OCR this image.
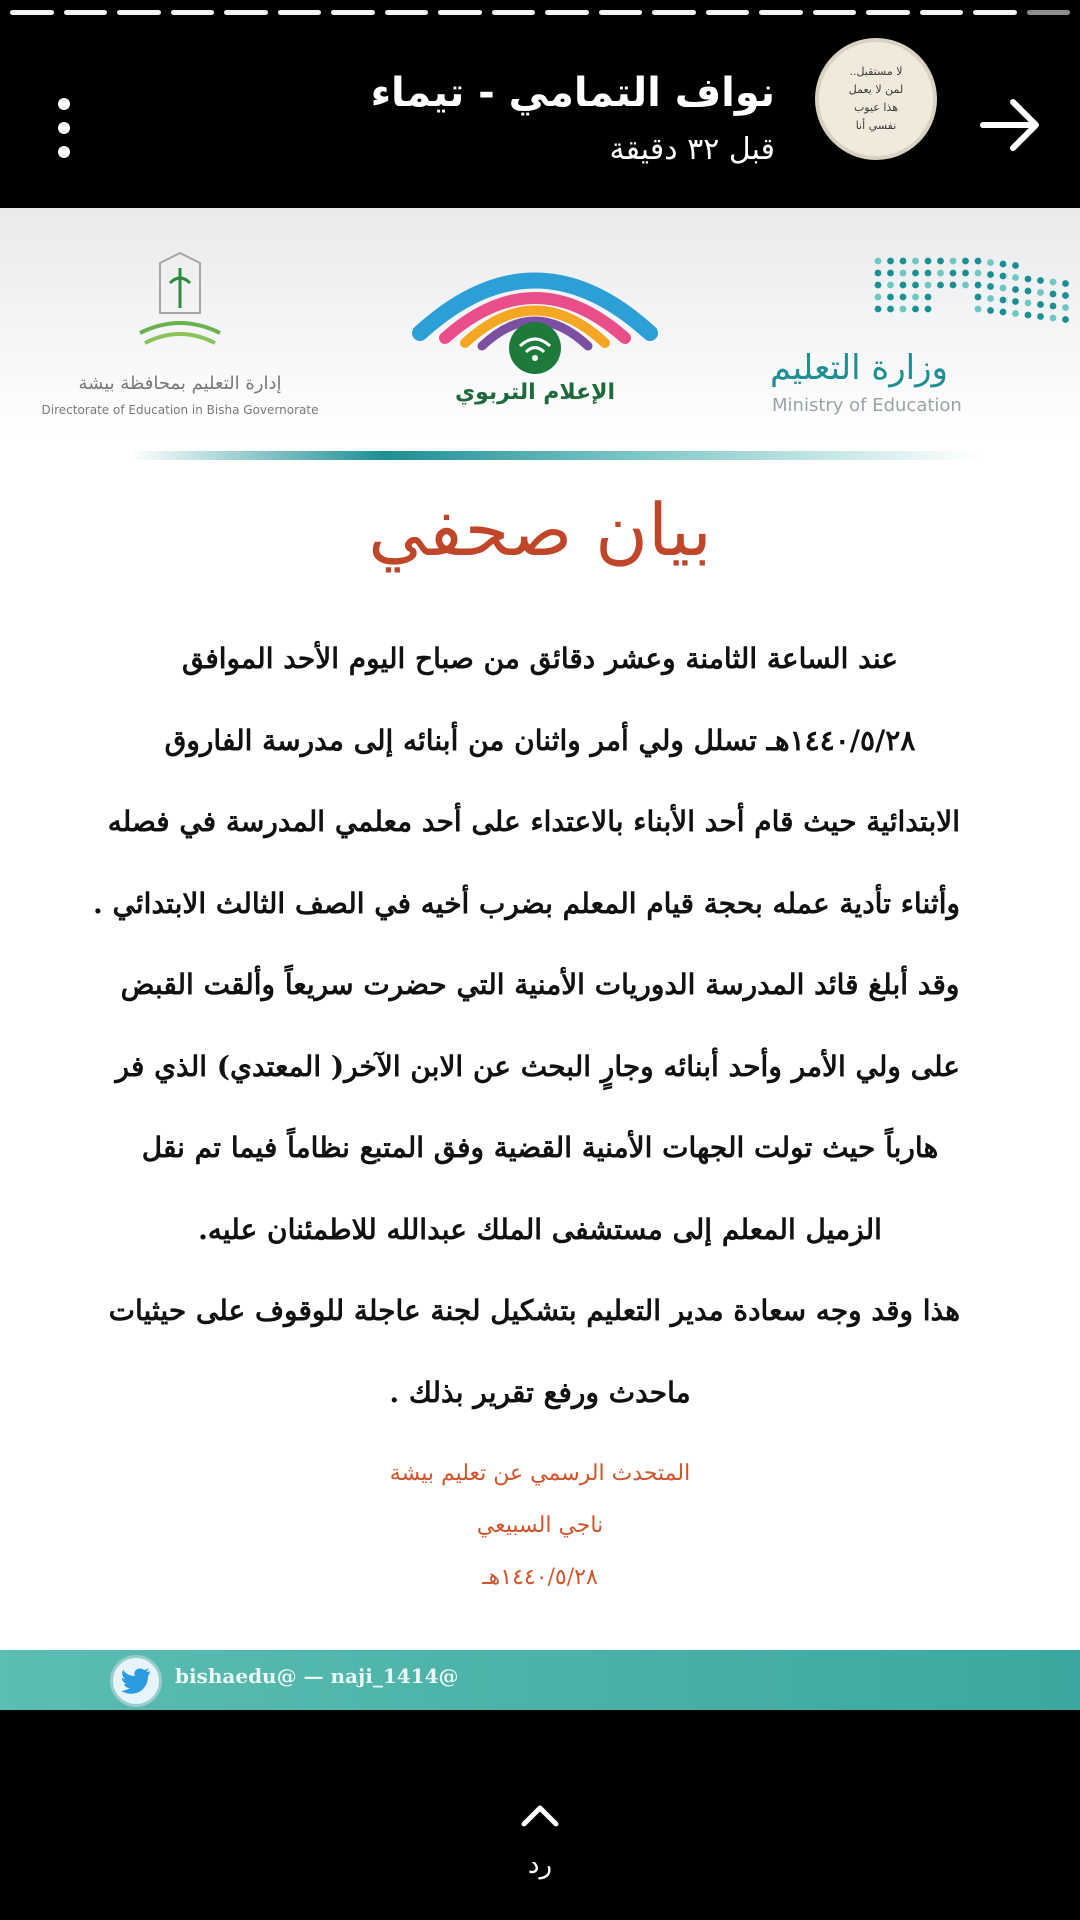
نواف التمامي - تيماء
قبل ٣٢ دقيقة
لا مستقبل..
لمن لا يعمل
هذا عيوب
نفسي أنا
إدارة التعليم بمحافظة بيشة
Directorate of Education in Bisha Governorate
الإعلام التربوي
وزارة التعليم
Ministry of Education
بيان صحفي
عند الساعة الثامنة وعشر دقائق من صباح اليوم الأحد الموافق
١٤٤٠/٥/٢٨هـ تسلل ولي أمر واثنان من أبنائه إلى مدرسة الفاروق
الابتدائية حيث قام أحد الأبناء بالاعتداء على أحد معلمي المدرسة في فصله
وأثناء تأدية عمله بحجة قيام المعلم بضرب أخيه في الصف الثالث الابتدائي .
وقد أبلغ قائد المدرسة الدوريات الأمنية التي حضرت سريعاً وألقت القبض
على ولي الأمر وأحد أبنائه وجارٍ البحث عن الابن الآخر( المعتدي) الذي فر
هارباً حيث تولت الجهات الأمنية القضية وفق المتبع نظاماً فيما تم نقل
الزميل المعلم إلى مستشفى الملك عبدالله للاطمئنان عليه.
هذا وقد وجه سعادة مدير التعليم بتشكيل لجنة عاجلة للوقوف على حيثيات
ماحدث ورفع تقرير بذلك .
المتحدث الرسمي عن تعليم بيشة
ناجي السبيعي
١٤٤٠/٥/٢٨هـ
bishaedu@ — naji_1414@
رد
